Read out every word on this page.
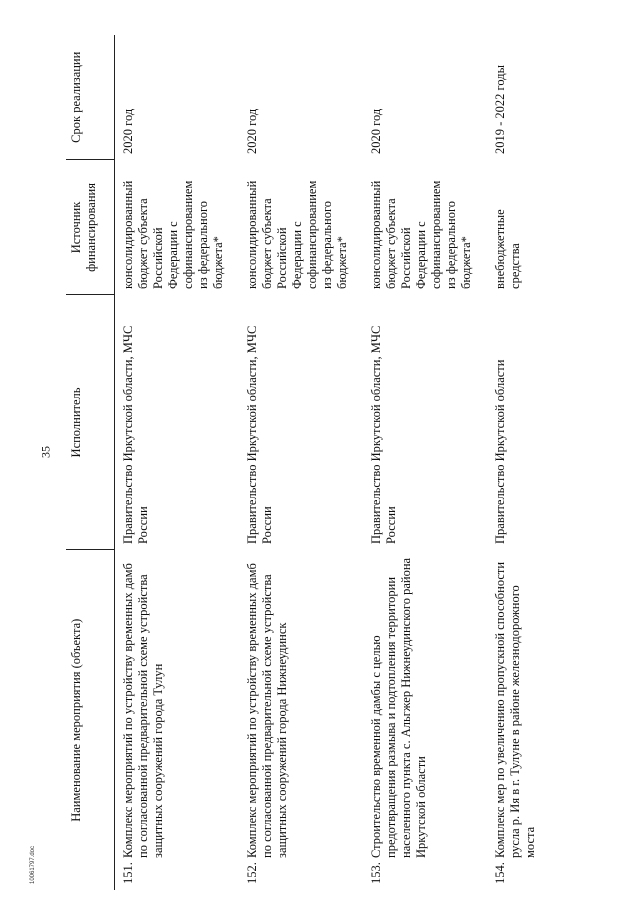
35
10061797.doc
Наименование мероприятия (объекта)		Исполнитель	Источник финансирования	Срок реализации
151.	Комплекс мероприятий по устройству временных дамб по согласованной предварительной схеме устройства защитных сооружений города Тулун	Правительство Иркутской области, МЧС России	консолидированный бюджет субъекта Российской Федерации с софинансированием из федерального бюджета*	2020 год
152.	Комплекс мероприятий по устройству временных дамб по согласованной предварительной схеме устройства защитных сооружений города Нижнеудинск	Правительство Иркутской области, МЧС России	консолидированный бюджет субъекта Российской Федерации с софинансированием из федерального бюджета*	2020 год
153.	Строительство временной дамбы с целью предотвращения размыва и подтопления территории населенного пункта с. Альгжер Нижнеудинского района Иркутской области	Правительство Иркутской области, МЧС России	консолидированный бюджет субъекта Российской Федерации с софинансированием из федерального бюджета*	2020 год
154.	Комплекс мер по увеличению пропускной способности русла р. Ия в г. Тулуне в районе железнодорожного моста	Правительство Иркутской области	внебюджетные средства	2019 - 2022 годы
